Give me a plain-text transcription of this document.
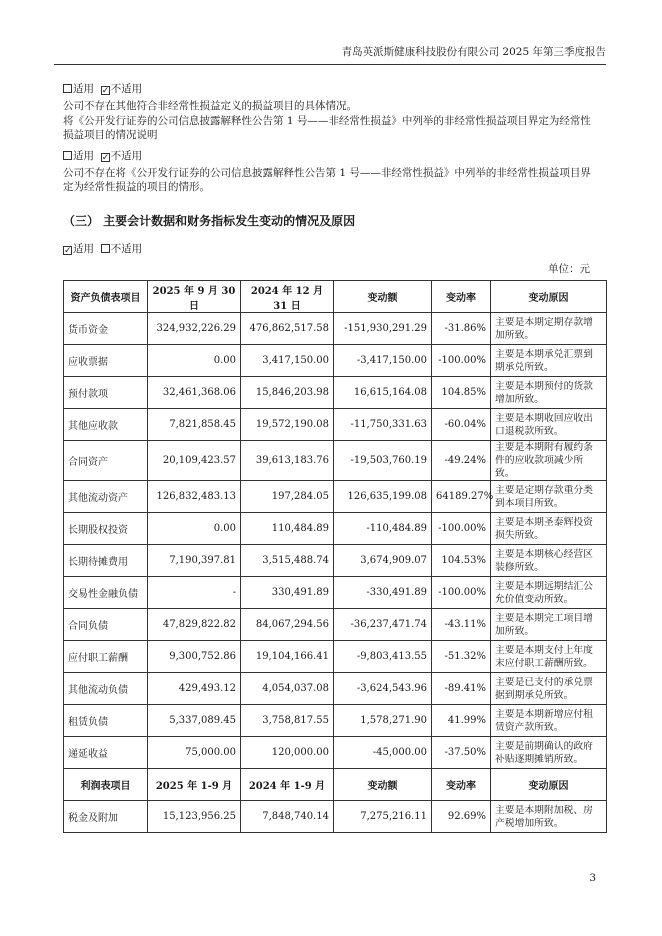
青岛英派斯健康科技股份有限公司 2025 年第三季度报告
适用 ✓不适用
公司不存在其他符合非经常性损益定义的损益项目的具体情况。
将《公开发行证券的公司信息披露解释性公告第 1 号——非经常性损益》中列举的非经常性损益项目界定为经常性损益项目的情况说明
适用 ✓不适用
公司不存在将《公开发行证券的公司信息披露解释性公告第 1 号——非经常性损益》中列举的非经常性损益项目界定为经常性损益的项目的情形。
（三） 主要会计数据和财务指标发生变动的情况及原因
✓适用 不适用
单位：元
资产负债表项目	2025 年 9 月 30 日	2024 年 12 月 31 日	变动额	变动率	变动原因
货币资金	324,932,226.29	476,862,517.58	-151,930,291.29	-31.86%	主要是本期定期存款增加所致。
应收票据	0.00	3,417,150.00	-3,417,150.00	-100.00%	主要是本期承兑汇票到期承兑所致。
预付款项	32,461,368.06	15,846,203.98	16,615,164.08	104.85%	主要是本期预付的货款增加所致。
其他应收款	7,821,858.45	19,572,190.08	-11,750,331.63	-60.04%	主要是本期收回应收出口退税款所致。
合同资产	20,109,423.57	39,613,183.76	-19,503,760.19	-49.24%	主要是本期附有履约条件的应收款项减少所致。
其他流动资产	126,832,483.13	197,284.05	126,635,199.08	64189.27%	主要是定期存款重分类到本项目所致。
长期股权投资	0.00	110,484.89	-110,484.89	-100.00%	主要是本期圣泰辉投资损失所致。
长期待摊费用	7,190,397.81	3,515,488.74	3,674,909.07	104.53%	主要是本期核心经营区装修所致。
交易性金融负债	-	330,491.89	-330,491.89	-100.00%	主要是本期远期结汇公允价值变动所致。
合同负债	47,829,822.82	84,067,294.56	-36,237,471.74	-43.11%	主要是本期完工项目增加所致。
应付职工薪酬	9,300,752.86	19,104,166.41	-9,803,413.55	-51.32%	主要是本期支付上年度末应付职工薪酬所致。
其他流动负债	429,493.12	4,054,037.08	-3,624,543.96	-89.41%	主要是已支付的承兑票据到期承兑所致。
租赁负债	5,337,089.45	3,758,817.55	1,578,271.90	41.99%	主要是本期新增应付租赁资产款所致。
递延收益	75,000.00	120,000.00	-45,000.00	-37.50%	主要是前期确认的政府补贴逐期摊销所致。
利润表项目	2025 年 1-9 月	2024 年 1-9 月	变动额	变动率	变动原因
税金及附加	15,123,956.25	7,848,740.14	7,275,216.11	92.69%	主要是本期附加税、房产税增加所致。
3
